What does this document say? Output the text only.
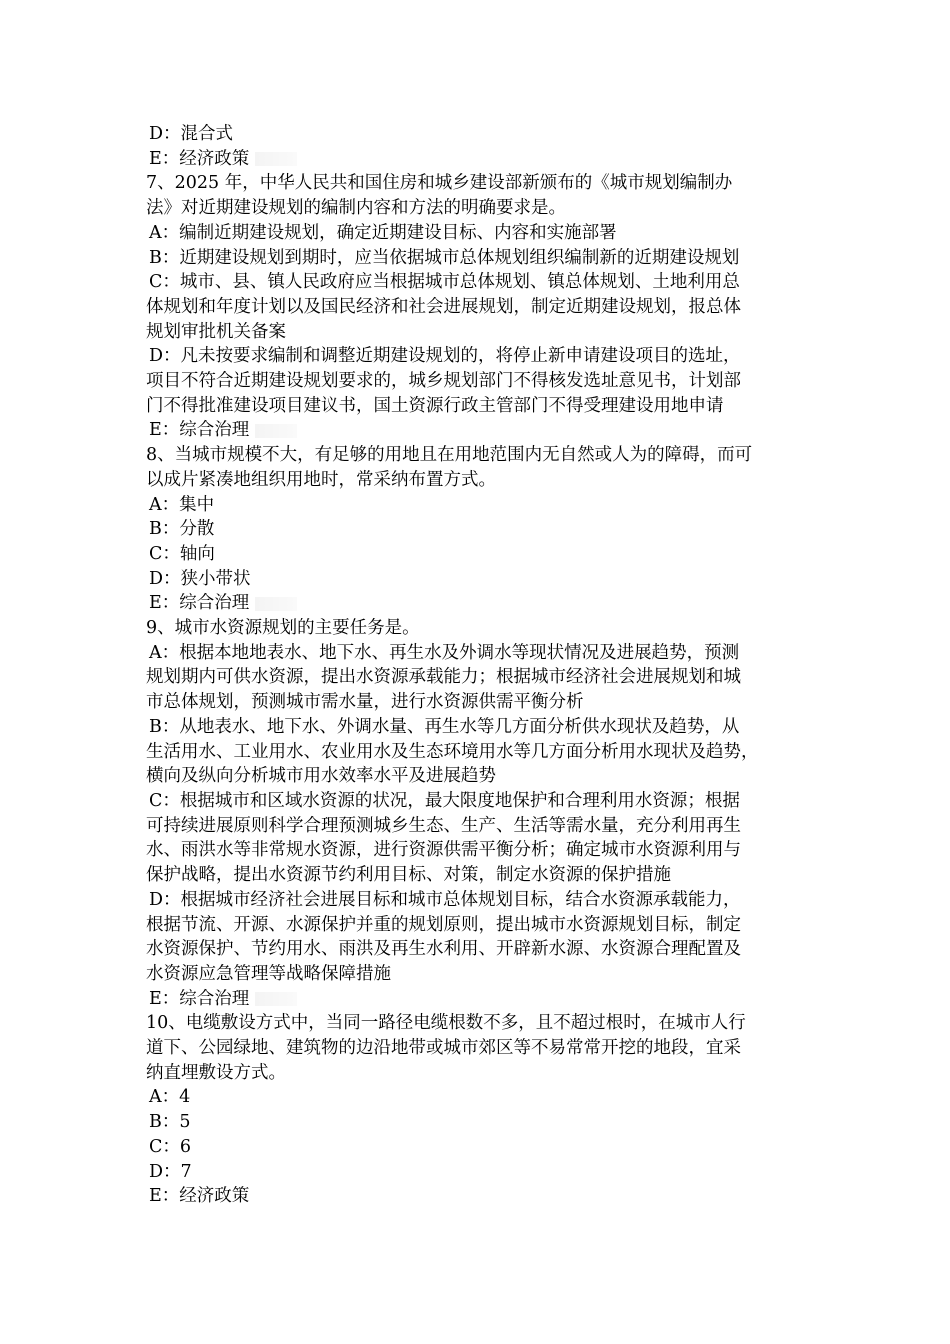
D：混合式
E：经济政策
7、2025 年，中华人民共和国住房和城乡建设部新颁布的《城市规划编制办
法》对近期建设规划的编制内容和方法的明确要求是。
A：编制近期建设规划，确定近期建设目标、内容和实施部署
B：近期建设规划到期时，应当依据城市总体规划组织编制新的近期建设规划
C：城市、县、镇人民政府应当根据城市总体规划、镇总体规划、土地利用总
体规划和年度计划以及国民经济和社会进展规划，制定近期建设规划，报总体
规划审批机关备案
D：凡未按要求编制和调整近期建设规划的，将停止新申请建设项目的选址，
项目不符合近期建设规划要求的，城乡规划部门不得核发选址意见书，计划部
门不得批准建设项目建议书，国土资源行政主管部门不得受理建设用地申请
E：综合治理
8、当城市规模不大，有足够的用地且在用地范围内无自然或人为的障碍，而可
以成片紧凑地组织用地时，常采纳布置方式。
A：集中
B：分散
C：轴向
D：狭小带状
E：综合治理
9、城市水资源规划的主要任务是。
A：根据本地地表水、地下水、再生水及外调水等现状情况及进展趋势，预测
规划期内可供水资源，提出水资源承载能力；根据城市经济社会进展规划和城
市总体规划，预测城市需水量，进行水资源供需平衡分析
B：从地表水、地下水、外调水量、再生水等几方面分析供水现状及趋势，从
生活用水、工业用水、农业用水及生态环境用水等几方面分析用水现状及趋势，
横向及纵向分析城市用水效率水平及进展趋势
C：根据城市和区域水资源的状况，最大限度地保护和合理利用水资源；根据
可持续进展原则科学合理预测城乡生态、生产、生活等需水量，充分利用再生
水、雨洪水等非常规水资源，进行资源供需平衡分析；确定城市水资源利用与
保护战略，提出水资源节约利用目标、对策，制定水资源的保护措施
D：根据城市经济社会进展目标和城市总体规划目标，结合水资源承载能力，
根据节流、开源、水源保护并重的规划原则，提出城市水资源规划目标，制定
水资源保护、节约用水、雨洪及再生水利用、开辟新水源、水资源合理配置及
水资源应急管理等战略保障措施
E：综合治理
10、电缆敷设方式中，当同一路径电缆根数不多，且不超过根时，在城市人行
道下、公园绿地、建筑物的边沿地带或城市郊区等不易常常开挖的地段，宜采
纳直埋敷设方式。
A：4
B：5
C：6
D：7
E：经济政策
